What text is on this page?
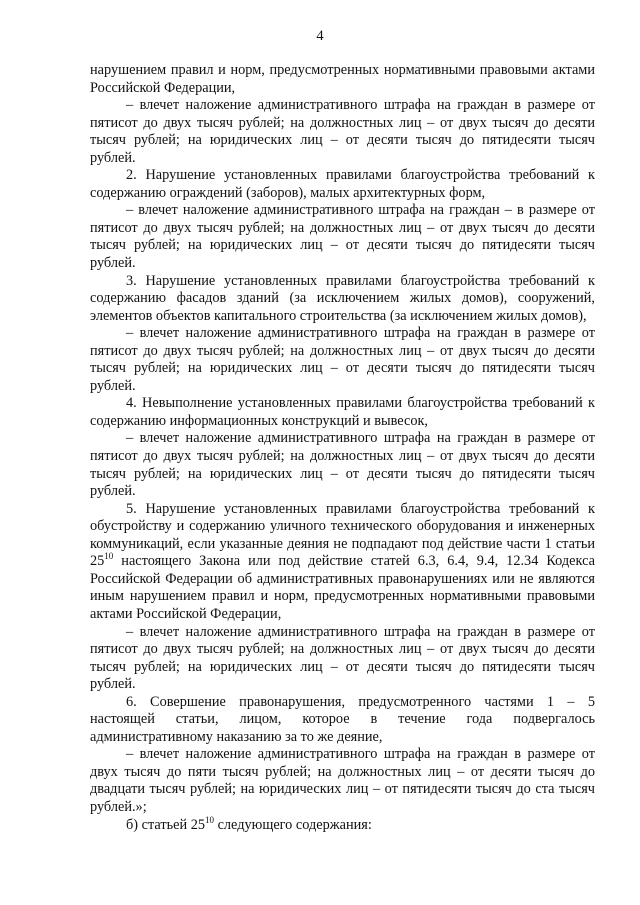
4

нарушением правил и норм, предусмотренных нормативными правовыми актами Российской Федерации,

– влечет наложение административного штрафа на граждан в размере от пятисот до двух тысяч рублей; на должностных лиц – от двух тысяч до десяти тысяч рублей; на юридических лиц – от десяти тысяч до пятидесяти тысяч рублей.

2. Нарушение установленных правилами благоустройства требований к содержанию ограждений (заборов), малых архитектурных форм,

– влечет наложение административного штрафа на граждан – в размере от пятисот до двух тысяч рублей; на должностных лиц – от двух тысяч до десяти тысяч рублей; на юридических лиц – от десяти тысяч до пятидесяти тысяч рублей.

3. Нарушение установленных правилами благоустройства требований к содержанию фасадов зданий (за исключением жилых домов), сооружений, элементов объектов капитального строительства (за исключением жилых домов),

– влечет наложение административного штрафа на граждан в размере от пятисот до двух тысяч рублей; на должностных лиц – от двух тысяч до десяти тысяч рублей; на юридических лиц – от десяти тысяч до пятидесяти тысяч рублей.

4. Невыполнение установленных правилами благоустройства требований к содержанию информационных конструкций и вывесок,

– влечет наложение административного штрафа на граждан в размере от пятисот до двух тысяч рублей; на должностных лиц – от двух тысяч до десяти тысяч рублей; на юридических лиц – от десяти тысяч до пятидесяти тысяч рублей.

5. Нарушение установленных правилами благоустройства требований к обустройству и содержанию уличного технического оборудования и инженерных коммуникаций, если указанные деяния не подпадают под действие части 1 статьи $25^{10}$ настоящего Закона или под действие статей 6.3, 6.4, 9.4, 12.34 Кодекса Российской Федерации об административных правонарушениях или не являются иным нарушением правил и норм, предусмотренных нормативными правовыми актами Российской Федерации,

– влечет наложение административного штрафа на граждан в размере от пятисот до двух тысяч рублей; на должностных лиц – от двух тысяч до десяти тысяч рублей; на юридических лиц – от десяти тысяч до пятидесяти тысяч рублей.

6. Совершение правонарушения, предусмотренного частями 1 – 5 настоящей статьи, лицом, которое в течение года подвергалось административному наказанию за то же деяние,

– влечет наложение административного штрафа на граждан в размере от двух тысяч до пяти тысяч рублей; на должностных лиц – от десяти тысяч до двадцати тысяч рублей; на юридических лиц – от пятидесяти тысяч до ста тысяч рублей.»;

б) статьей $25^{10}$ следующего содержания:
